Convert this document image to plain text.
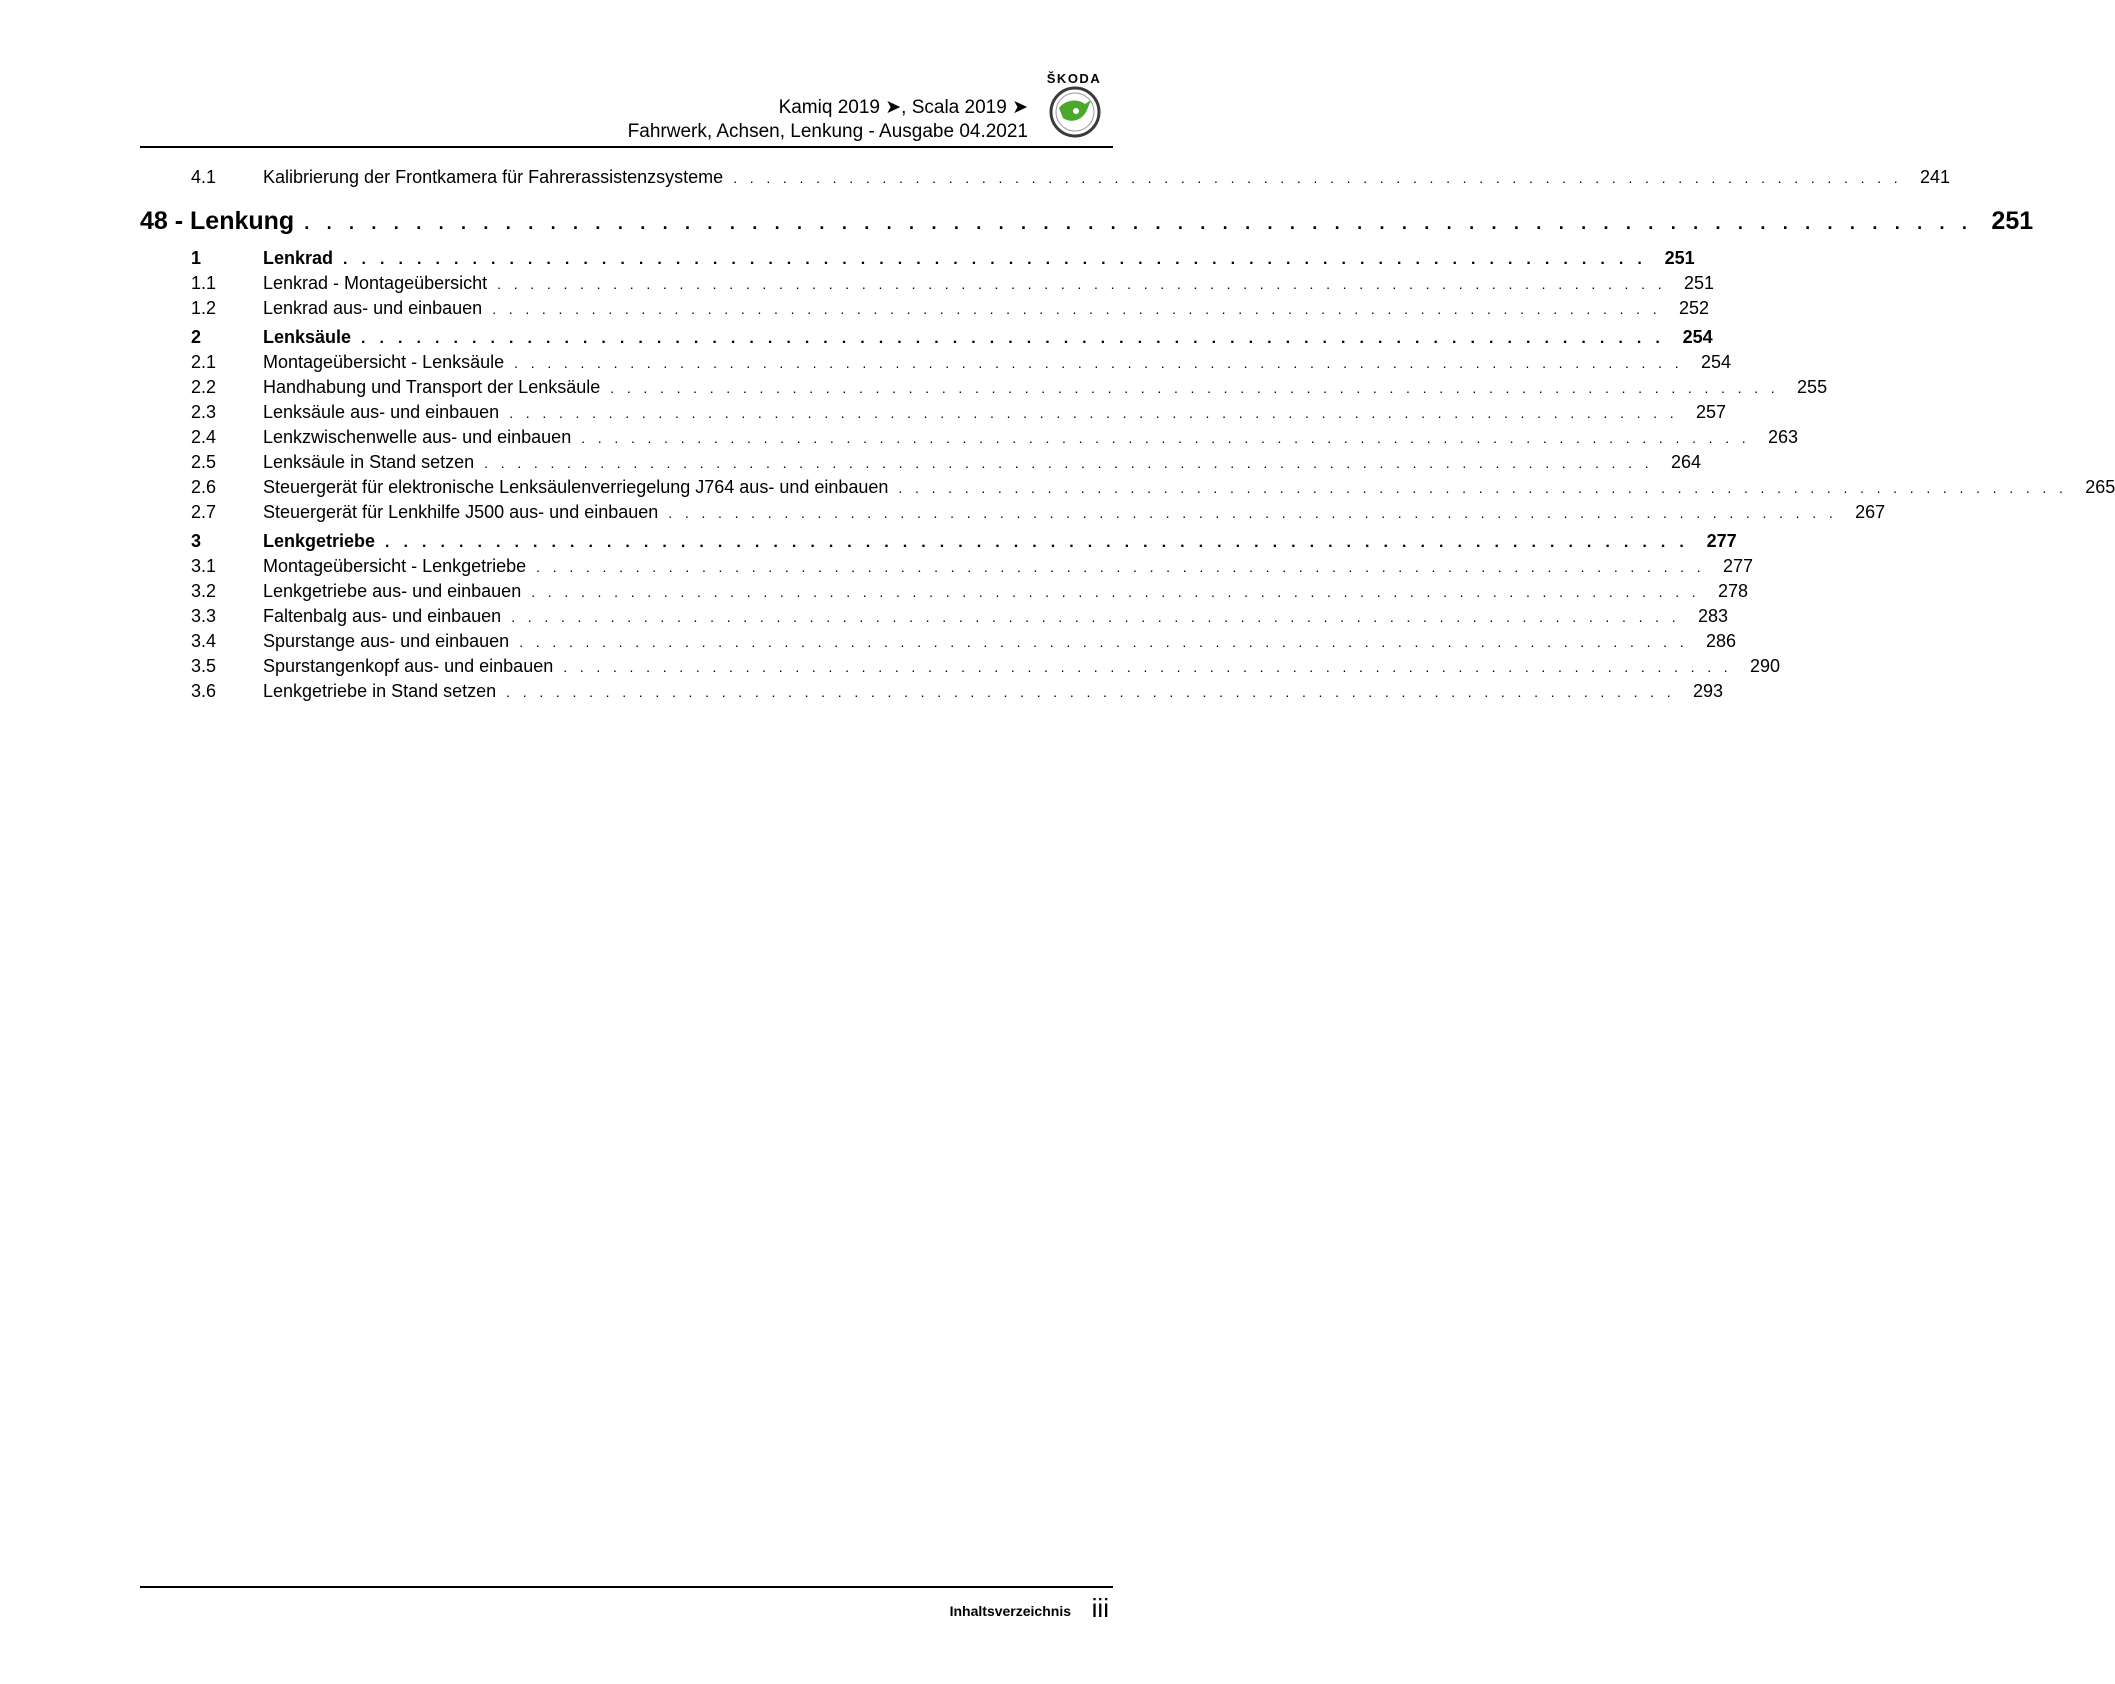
ŠKODA
Kamiq 2019 ➤, Scala 2019 ➤
Fahrwerk, Achsen, Lenkung - Ausgabe 04.2021
4.1	Kalibrierung der Frontkamera für Fahrerassistenzsysteme . . . . . . . . . . . . . . . . . . . . . . . . . . . . . . . . . . . . . . . . . . . . . . . . . . . . . . . . . . . . . . . . . . . . . . . 241
48 - Lenkung . . . . . . . . . . . . . . . . . . . . . . . . . . . . . . . . . . . . . . . . . . . . . . . . . . . . . . . . . . . . . . . . . . . . . . . . . . . 251
1	Lenkrad . . . . . . . . . . . . . . . . . . . . . . . . . . . . . . . . . . . . . . . . . . . . . . . . . . . . . . . . . . . . . . . . . . . . . . . 251
1.1	Lenkrad - Montageübersicht . . . . . . . . . . . . . . . . . . . . . . . . . . . . . . . . . . . . . . . . . . . . . . . . . . . . . . . . . . . . . . . . . . . . . . . 251
1.2	Lenkrad aus- und einbauen . . . . . . . . . . . . . . . . . . . . . . . . . . . . . . . . . . . . . . . . . . . . . . . . . . . . . . . . . . . . . . . . . . . . . . . 252
2	Lenksäule . . . . . . . . . . . . . . . . . . . . . . . . . . . . . . . . . . . . . . . . . . . . . . . . . . . . . . . . . . . . . . . . . . . . . . . 254
2.1	Montageübersicht - Lenksäule . . . . . . . . . . . . . . . . . . . . . . . . . . . . . . . . . . . . . . . . . . . . . . . . . . . . . . . . . . . . . . . . . . . . . . . 254
2.2	Handhabung und Transport der Lenksäule . . . . . . . . . . . . . . . . . . . . . . . . . . . . . . . . . . . . . . . . . . . . . . . . . . . . . . . . . . . . . . . . . . . . . . . 255
2.3	Lenksäule aus- und einbauen . . . . . . . . . . . . . . . . . . . . . . . . . . . . . . . . . . . . . . . . . . . . . . . . . . . . . . . . . . . . . . . . . . . . . . . 257
2.4	Lenkzwischenwelle aus- und einbauen . . . . . . . . . . . . . . . . . . . . . . . . . . . . . . . . . . . . . . . . . . . . . . . . . . . . . . . . . . . . . . . . . . . . . . . 263
2.5	Lenksäule in Stand setzen . . . . . . . . . . . . . . . . . . . . . . . . . . . . . . . . . . . . . . . . . . . . . . . . . . . . . . . . . . . . . . . . . . . . . . . 264
2.6	Steuergerät für elektronische Lenksäulenverriegelung J764 aus- und einbauen . . . . . . . . . . . . . . . . . . . . . . . . . . . . . . . . . . . . . . . . . . . . . . . . . . . . . . . . . . . . . . . . . . . . . . . 265
2.7	Steuergerät für Lenkhilfe J500 aus- und einbauen . . . . . . . . . . . . . . . . . . . . . . . . . . . . . . . . . . . . . . . . . . . . . . . . . . . . . . . . . . . . . . . . . . . . . . . 267
3	Lenkgetriebe . . . . . . . . . . . . . . . . . . . . . . . . . . . . . . . . . . . . . . . . . . . . . . . . . . . . . . . . . . . . . . . . . . . . . . . 277
3.1	Montageübersicht - Lenkgetriebe . . . . . . . . . . . . . . . . . . . . . . . . . . . . . . . . . . . . . . . . . . . . . . . . . . . . . . . . . . . . . . . . . . . . . . . 277
3.2	Lenkgetriebe aus- und einbauen . . . . . . . . . . . . . . . . . . . . . . . . . . . . . . . . . . . . . . . . . . . . . . . . . . . . . . . . . . . . . . . . . . . . . . . 278
3.3	Faltenbalg aus- und einbauen . . . . . . . . . . . . . . . . . . . . . . . . . . . . . . . . . . . . . . . . . . . . . . . . . . . . . . . . . . . . . . . . . . . . . . . 283
3.4	Spurstange aus- und einbauen . . . . . . . . . . . . . . . . . . . . . . . . . . . . . . . . . . . . . . . . . . . . . . . . . . . . . . . . . . . . . . . . . . . . . . . 286
3.5	Spurstangenkopf aus- und einbauen . . . . . . . . . . . . . . . . . . . . . . . . . . . . . . . . . . . . . . . . . . . . . . . . . . . . . . . . . . . . . . . . . . . . . . . 290
3.6	Lenkgetriebe in Stand setzen . . . . . . . . . . . . . . . . . . . . . . . . . . . . . . . . . . . . . . . . . . . . . . . . . . . . . . . . . . . . . . . . . . . . . . . 293
Inhaltsverzeichnis iii
